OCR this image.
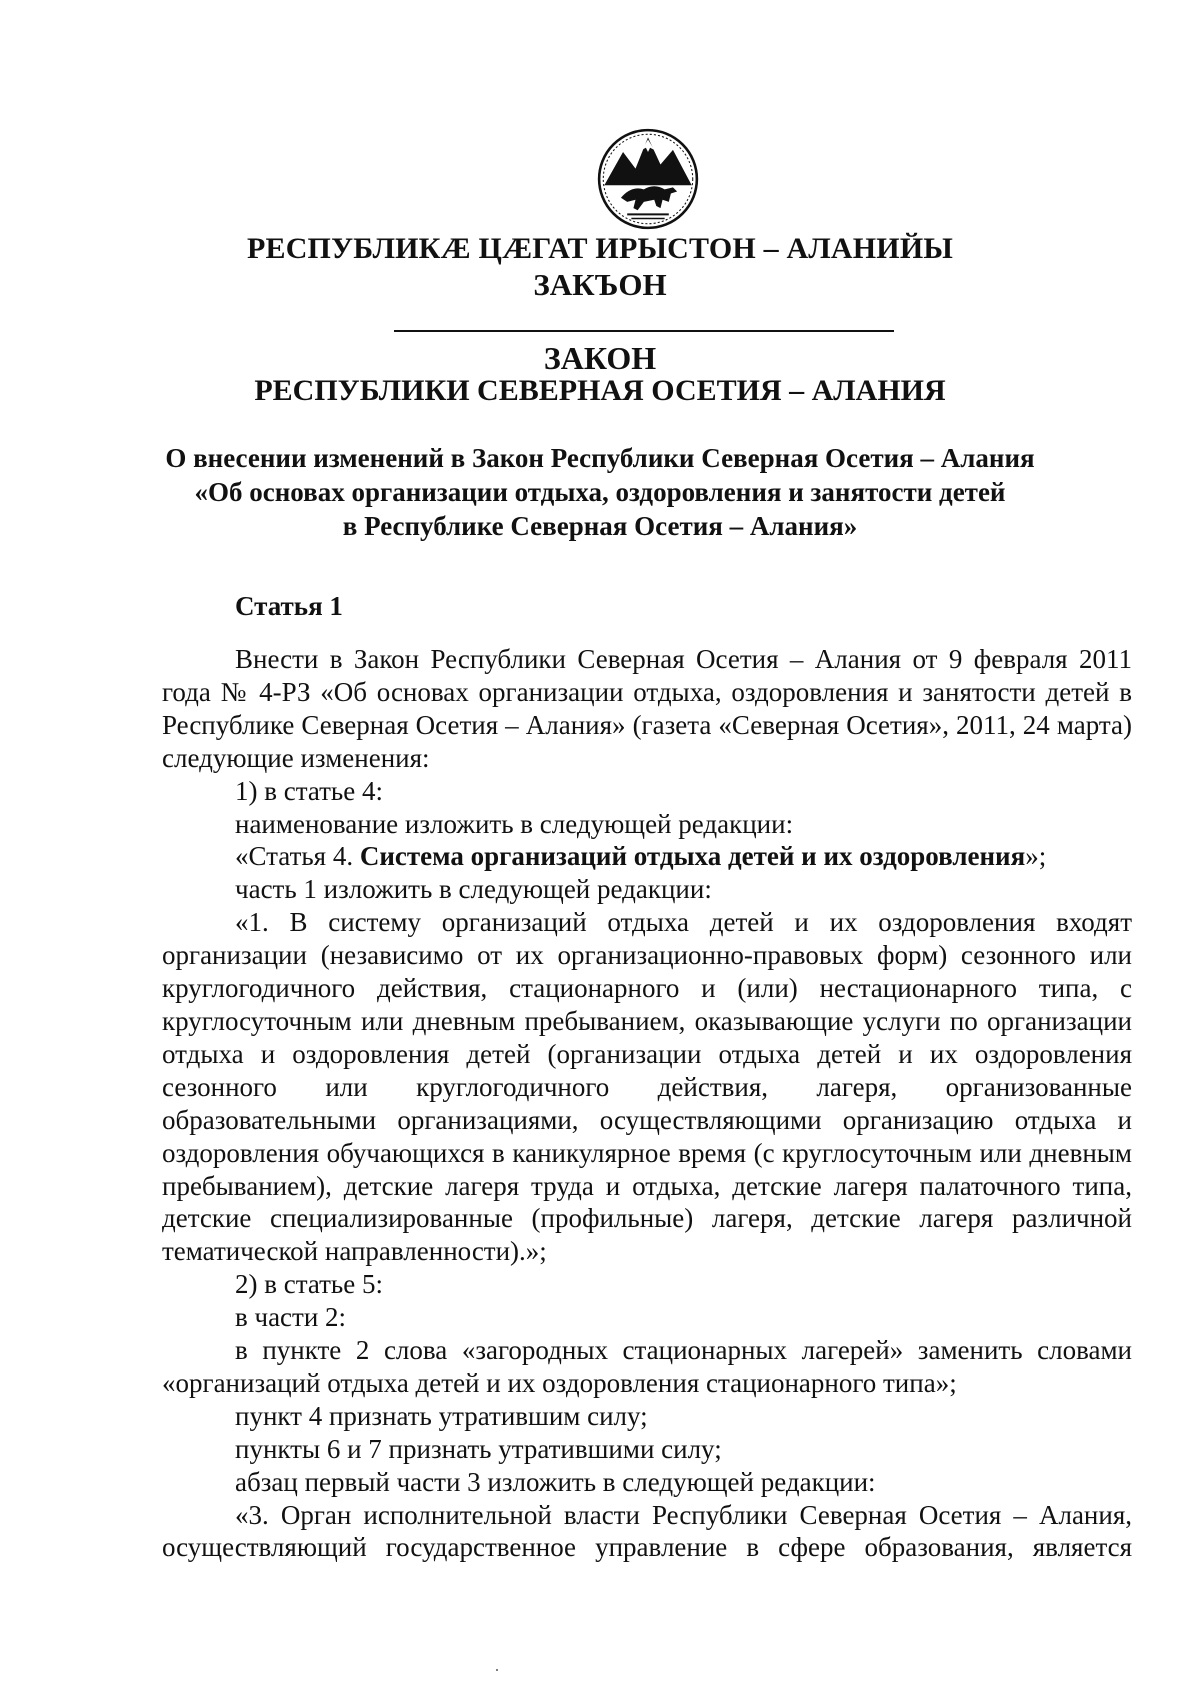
РЕСПУБЛИКӔ ЦӔГАТ ИРЫСТОН – АЛАНИЙЫ
ЗАКЪОН
ЗАКОН
РЕСПУБЛИКИ СЕВЕРНАЯ ОСЕТИЯ – АЛАНИЯ
О внесении изменений в Закон Республики Северная Осетия – Алания
«Об основах организации отдыха, оздоровления и занятости детей
в Республике Северная Осетия – Алания»
Статья 1

Внести в Закон Республики Северная Осетия – Алания от 9 февраля 2011 года № 4-РЗ «Об основах организации отдыха, оздоровления и занятости детей в Республике Северная Осетия – Алания» (газета «Северная Осетия», 2011, 24 марта) следующие изменения:

1) в статье 4:

наименование изложить в следующей редакции:

«Статья 4. Система организаций отдыха детей и их оздоровления»;

часть 1 изложить в следующей редакции:

«1. В систему организаций отдыха детей и их оздоровления входят организации (независимо от их организационно-правовых форм) сезонного или круглогодичного действия, стационарного и (или) нестационарного типа, с круглосуточным или дневным пребыванием, оказывающие услуги по организации отдыха и оздоровления детей (организации отдыха детей и их оздоровления сезонного или круглогодичного действия, лагеря, организованные образовательными организациями, осуществляющими организацию отдыха и оздоровления обучающихся в каникулярное время (с круглосуточным или дневным пребыванием), детские лагеря труда и отдыха, детские лагеря палаточного типа, детские специализированные (профильные) лагеря, детские лагеря различной тематической направленности).»;

2) в статье 5:

в части 2:

в пункте 2 слова «загородных стационарных лагерей» заменить словами «организаций отдыха детей и их оздоровления стационарного типа»;

пункт 4 признать утратившим силу;

пункты 6 и 7 признать утратившими силу;

абзац первый части 3 изложить в следующей редакции:

«3. Орган исполнительной власти Республики Северная Осетия – Алания, осуществляющий государственное управление в сфере образования, является
